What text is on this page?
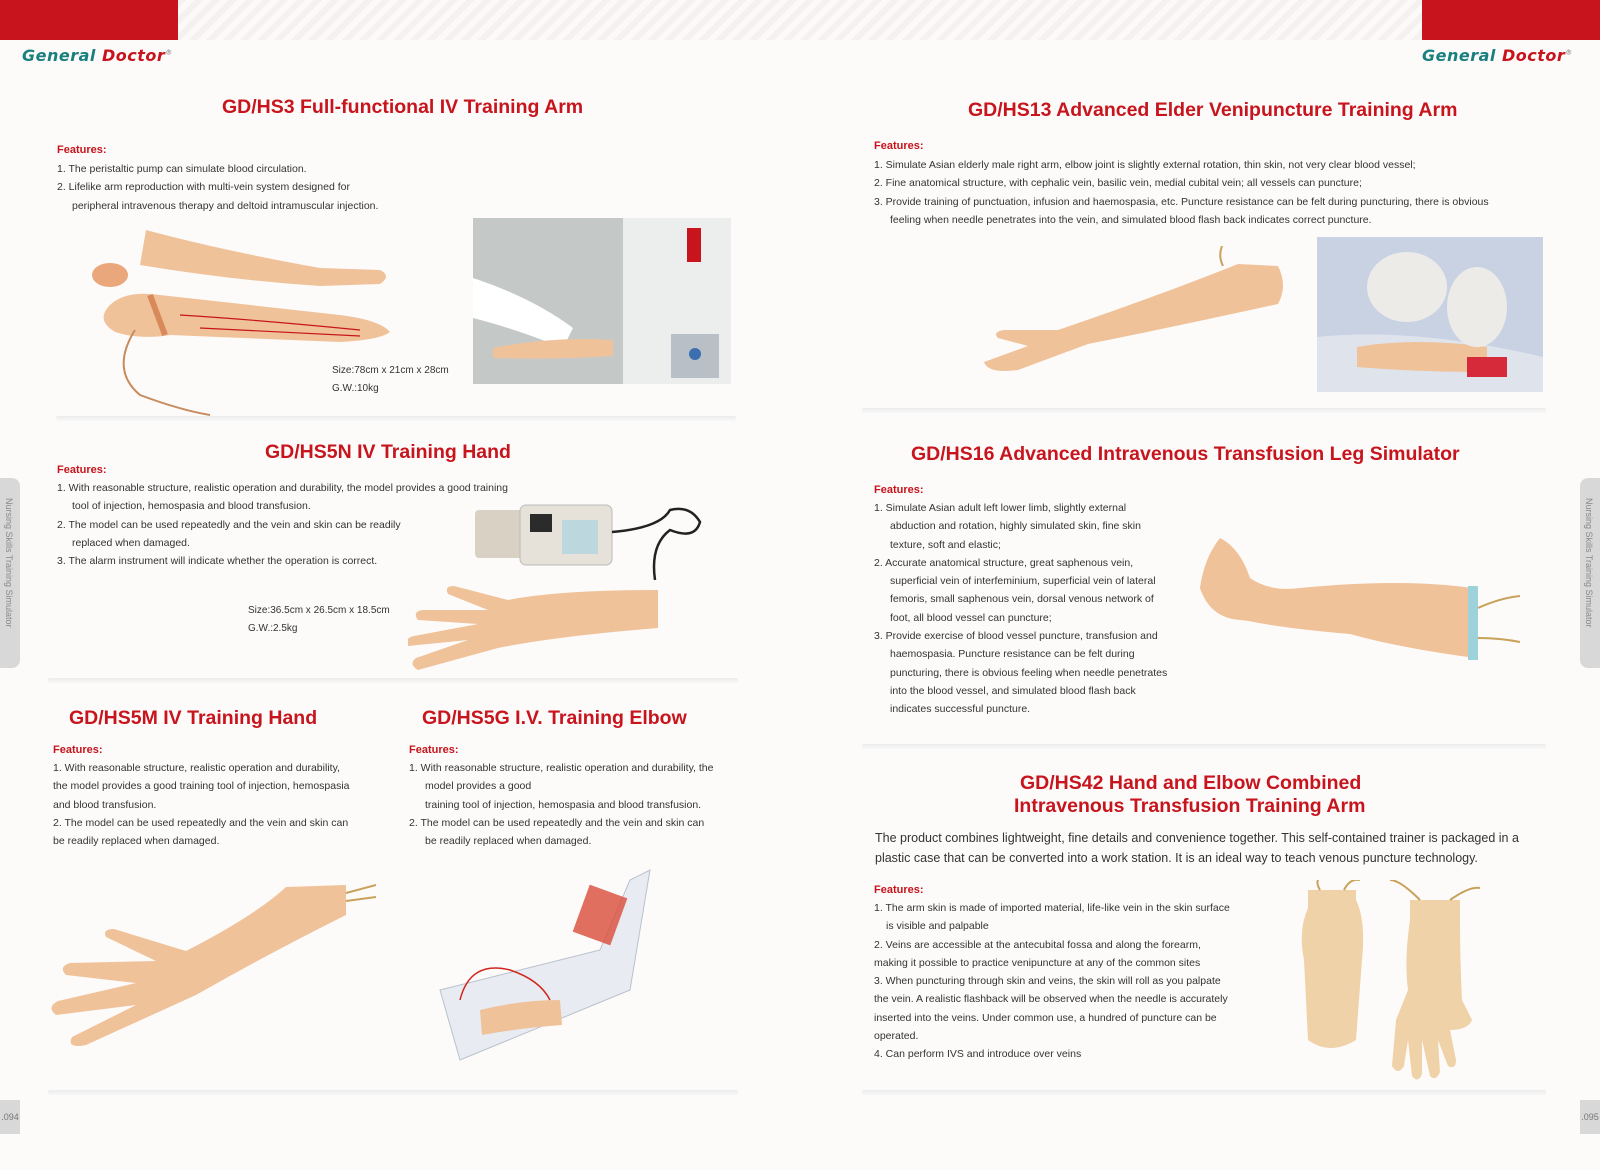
General Doctor®	General Doctor®
Nursing Skills Training Simulator	Nursing Skills Training Simulator
.094	.095
GD/HS3 Full-functional IV Training Arm
Features:
1. The peristaltic pump can simulate blood circulation.
2. Lifelike arm reproduction with multi-vein system designed for
peripheral intravenous therapy and deltoid intramuscular injection.
Size:78cm x 21cm x 28cm
G.W.:10kg
GD/HS5N IV Training Hand
Features:
1. With reasonable structure, realistic operation and durability, the model provides a good training
tool of injection, hemospasia and blood transfusion.
2. The model can be used repeatedly and the vein and skin can be readily
replaced when damaged.
3. The alarm instrument will indicate whether the operation is correct.
Size:36.5cm x 26.5cm x 18.5cm
G.W.:2.5kg
GD/HS5M IV Training Hand
Features:
1. With reasonable structure, realistic operation and durability,
the model provides a good training tool of injection, hemospasia
and blood transfusion.
2. The model can be used repeatedly and the vein and skin can
be readily replaced when damaged.
GD/HS5G I.V. Training Elbow
Features:
1. With reasonable structure, realistic operation and durability, the
model provides a good
training tool of injection, hemospasia and blood transfusion.
2. The model can be used repeatedly and the vein and skin can
be readily replaced when damaged.
GD/HS13 Advanced Elder Venipuncture Training Arm
Features:
1. Simulate Asian elderly male right arm, elbow joint is slightly external rotation, thin skin, not very clear blood vessel;
2. Fine anatomical structure, with cephalic vein, basilic vein, medial cubital vein; all vessels can puncture;
3. Provide training of punctuation, infusion and haemospasia, etc. Puncture resistance can be felt during puncturing, there is obvious
feeling when needle penetrates into the vein, and simulated blood flash back indicates correct puncture.
GD/HS16 Advanced Intravenous Transfusion Leg Simulator
Features:
1. Simulate Asian adult left lower limb, slightly external
abduction and rotation, highly simulated skin, fine skin
texture, soft and elastic;
2. Accurate anatomical structure, great saphenous vein,
superficial vein of interfeminium, superficial vein of lateral
femoris, small saphenous vein, dorsal venous network of
foot, all blood vessel can puncture;
3. Provide exercise of blood vessel puncture, transfusion and
haemospasia. Puncture resistance can be felt during
puncturing, there is obvious feeling when needle penetrates
into the blood vessel, and simulated blood flash back
indicates successful puncture.
GD/HS42 Hand and Elbow Combined
Intravenous Transfusion Training Arm
The product combines lightweight, fine details and convenience together. This self-contained trainer is packaged in a
plastic case that can be converted into a work station. It is an ideal way to teach venous puncture technology.
Features:
1. The arm skin is made of imported material, life-like vein in the skin surface
is visible and palpable
2. Veins are accessible at the antecubital fossa and along the forearm,
making it possible to practice venipuncture at any of the common sites
3. When puncturing through skin and veins, the skin will roll as you palpate
the vein. A realistic flashback will be observed when the needle is accurately
inserted into the veins. Under common use, a hundred of puncture can be
operated.
4. Can perform IVS and introduce over veins
